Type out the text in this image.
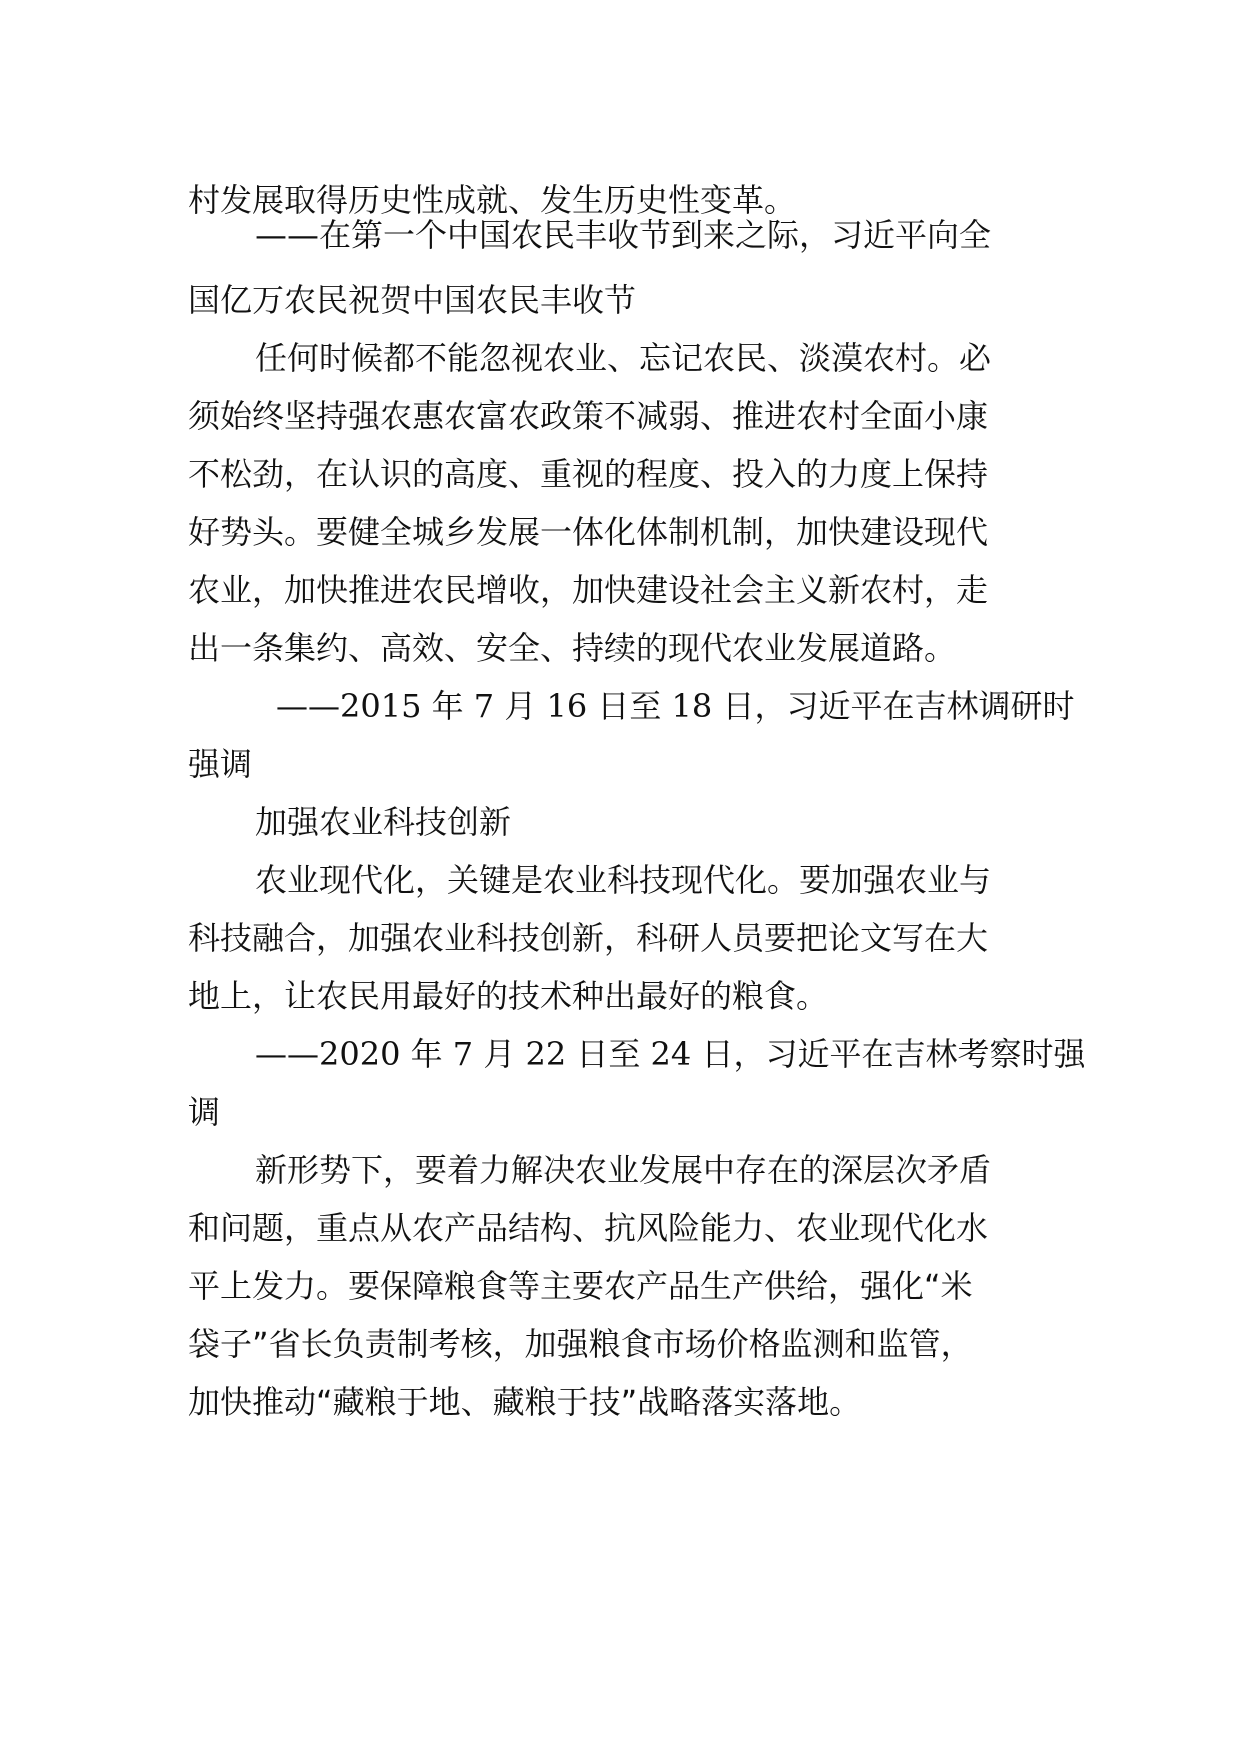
村发展取得历史性成就、发生历史性变革。

——在第一个中国农民丰收节到来之际，习近平向全

国亿万农民祝贺中国农民丰收节

任何时候都不能忽视农业、忘记农民、淡漠农村。必

须始终坚持强农惠农富农政策不减弱、推进农村全面小康

不松劲，在认识的高度、重视的程度、投入的力度上保持

好势头。要健全城乡发展一体化体制机制，加快建设现代

农业，加快推进农民增收，加快建设社会主义新农村，走

出一条集约、高效、安全、持续的现代农业发展道路。

——2015 年 7 月 16 日至 18 日，习近平在吉林调研时

强调

加强农业科技创新

农业现代化，关键是农业科技现代化。要加强农业与

科技融合，加强农业科技创新，科研人员要把论文写在大

地上，让农民用最好的技术种出最好的粮食。

——2020 年 7 月 22 日至 24 日，习近平在吉林考察时强

调

新形势下，要着力解决农业发展中存在的深层次矛盾

和问题，重点从农产品结构、抗风险能力、农业现代化水

平上发力。要保障粮食等主要农产品生产供给，强化“米

袋子”省长负责制考核，加强粮食市场价格监测和监管，

加快推动“藏粮于地、藏粮于技”战略落实落地。
